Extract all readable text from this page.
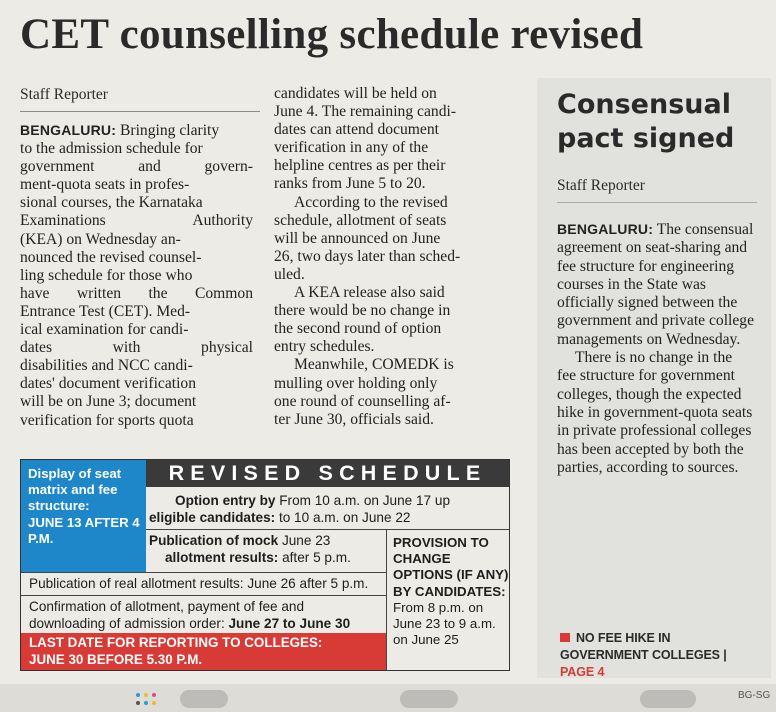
CET counselling schedule revised
Staff Reporter
BENGALURU: Bringing clarity
to the admission schedule for
government and govern-
ment-quota seats in profes-
sional courses, the Karnataka
Examinations Authority
(KEA) on Wednesday an-
nounced the revised counsel-
ling schedule for those who
have written the Common
Entrance Test (CET). Med-
ical examination for candi-
dates with physical
disabilities and NCC candi-
dates' document verification
will be on June 3; document
verification for sports quota
candidates will be held on
June 4. The remaining candi-
dates can attend document
verification in any of the
helpline centres as per their
ranks from June 5 to 20.
According to the revised
schedule, allotment of seats
will be announced on June
26, two days later than sched-
uled.
A KEA release also said
there would be no change in
the second round of option
entry schedules.
Meanwhile, COMEDK is
mulling over holding only
one round of counselling af-
ter June 30, officials said.
Display of seat matrix and fee structure:
JUNE 13 AFTER 4 P.M.
REVISED SCHEDULE
Option entry by From 10 a.m. on June 17 up
eligible candidates: to 10 a.m. on June 22
Publication of mock June 23
allotment results: after 5 p.m.
Publication of real allotment results: June 26 after 5 p.m.
Confirmation of allotment, payment of fee and
downloading of admission order: June 27 to June 30
PROVISION TO CHANGE OPTIONS (IF ANY) BY CANDIDATES:
From 8 p.m. on June 23 to 9 a.m. on June 25
LAST DATE FOR REPORTING TO COLLEGES:
JUNE 30 BEFORE 5.30 P.M.
Consensual pact signed
Staff Reporter

BENGALURU: The consensual agreement on seat-sharing and fee structure for engineering courses in the State was officially signed between the government and private college managements on Wednesday.

There is no change in the fee structure for government colleges, though the expected hike in government-quota seats in private professional colleges has been accepted by both the parties, according to sources.

NO FEE HIKE IN GOVERNMENT COLLEGES | PAGE 4
BG-SG
